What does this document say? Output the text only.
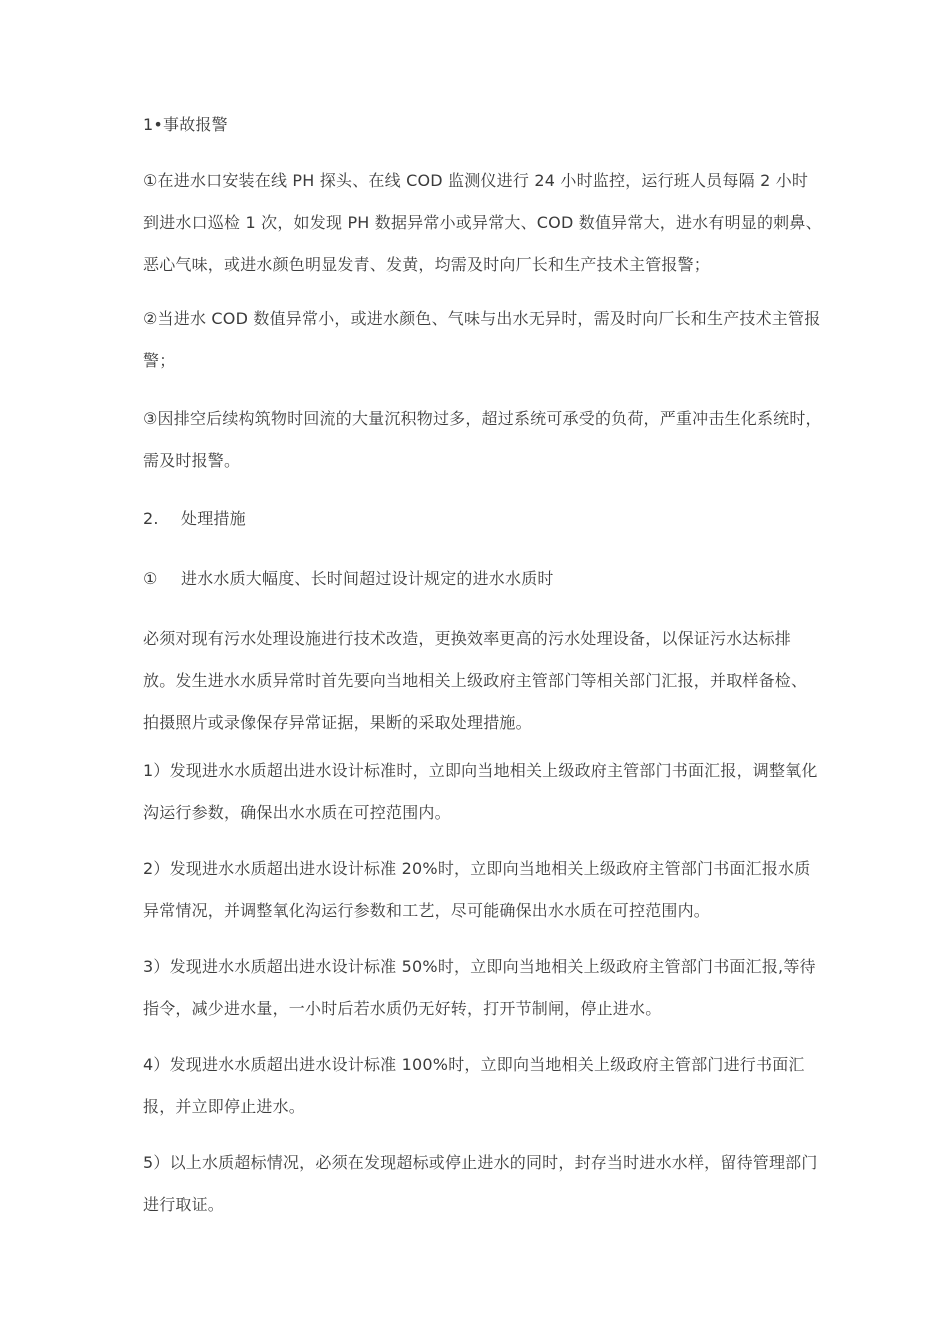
1•事故报警

①在进水口安装在线 PH 探头、在线 COD 监测仪进行 24 小时监控，运行班人员每隔 2 小时到进水口巡检 1 次，如发现 PH 数据异常小或异常大、COD 数值异常大，进水有明显的刺鼻、恶心气味，或进水颜色明显发青、发黄，均需及时向厂长和生产技术主管报警；

②当进水 COD 数值异常小，或进水颜色、气味与出水无异时，需及时向厂长和生产技术主管报警；

③因排空后续构筑物时回流的大量沉积物过多，超过系统可承受的负荷，严重冲击生化系统时，需及时报警。

2. 处理措施

① 进水水质大幅度、长时间超过设计规定的进水水质时

必须对现有污水处理设施进行技术改造，更换效率更高的污水处理设备，以保证污水达标排放。发生进水水质异常时首先要向当地相关上级政府主管部门等相关部门汇报，并取样备检、拍摄照片或录像保存异常证据，果断的采取处理措施。

1）发现进水水质超出进水设计标准时，立即向当地相关上级政府主管部门书面汇报，调整氧化沟运行参数，确保出水水质在可控范围内。

2）发现进水水质超出进水设计标准 20%时，立即向当地相关上级政府主管部门书面汇报水质异常情况，并调整氧化沟运行参数和工艺，尽可能确保出水水质在可控范围内。

3）发现进水水质超出进水设计标准 50%时，立即向当地相关上级政府主管部门书面汇报,等待指令，减少进水量，一小时后若水质仍无好转，打开节制闸，停止进水。

4）发现进水水质超出进水设计标准 100%时，立即向当地相关上级政府主管部门进行书面汇报，并立即停止进水。

5）以上水质超标情况，必须在发现超标或停止进水的同时，封存当时进水水样，留待管理部门进行取证。
